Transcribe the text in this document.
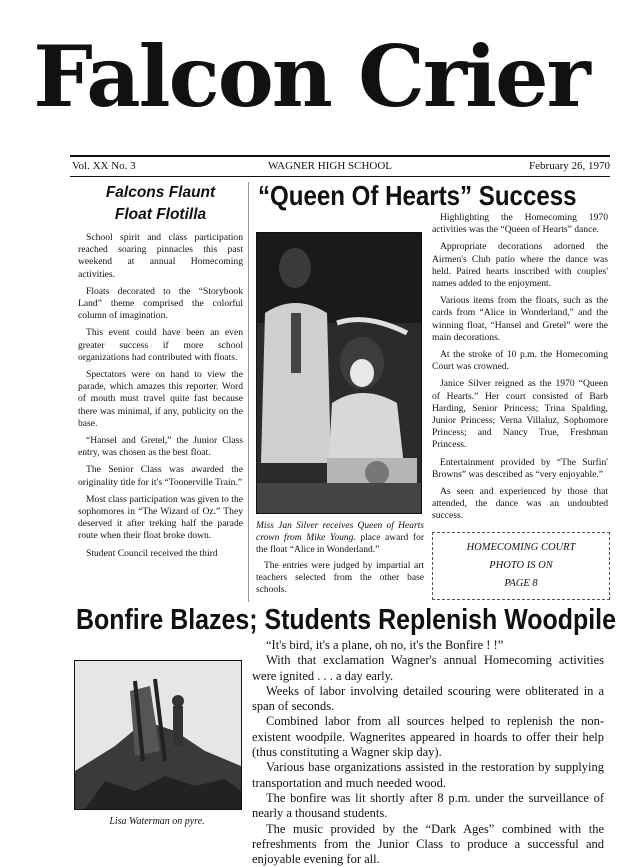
Falcon Crier
Vol. XX No. 3	WAGNER HIGH SCHOOL	February 26, 1970
Falcons Flaunt
Float Flotilla

School spirit and class participation reached soaring pinnacles this past weekend at annual Homecoming activities.

Floats decorated to the “Storybook Land” theme comprised the colorful column of imagination.

This event could have been an even greater success if more school organizations had contributed with floats.

Spectators were on hand to view the parade, which amazes this reporter. Word of mouth must travel quite fast because there was minimal, if any, publicity on the base.

“Hansel and Gretel,” the Junior Class entry, was chosen as the best float.

The Senior Class was awarded the originality title for it's “Toonerville Train.”

Most class participation was given to the sophomores in “The Wizard of Oz.” They deserved it after treking half the parade route when their float broke down.

Student Council received the third

“Queen Of Hearts” Success
Miss Jan Silver receives Queen of Hearts crown from Mike Young. place award for the float “Alice in Wonderland.”
The entries were judged by impartial art teachers selected from the other base schools.

Highlighting the Homecoming 1970 activities was the “Queen of Hearts” dance.

Appropriate decorations adorned the Airmen's Club patio where the dance was held. Paired hearts inscribed with couples' names added to the enjoyment.

Various items from the floats, such as the cards from “Alice in Wonderland,” and the winning float, “Hansel and Gretel” were the main decorations.

At the stroke of 10 p.m. the Homecoming Court was crowned.

Janice Silver reigned as the 1970 “Queen of Hearts.” Her court consisted of Barb Harding, Senior Princess; Trina Spalding, Junior Princess; Verna Villaluz, Sophomore Princess; and Nancy True, Freshman Princess.

Entertainment provided by “The Surfin' Browns” was described as “very enjoyable.”

As seen and experienced by those that attended, the dance was an undoubted success.

HOMECOMING COURT
PHOTO IS ON
PAGE 8
Bonfire Blazes; Students Replenish Woodpile
Lisa Waterman on pyre.

“It's bird, it's a plane, oh no, it's the Bonfire ! !”

With that exclamation Wagner's annual Homecoming activities were ignited . . . a day early.

Weeks of labor involving detailed scouring were obliterated in a span of seconds.

Combined labor from all sources helped to replenish the non-existent woodpile. Wagnerites appeared in hoards to offer their help (thus constituting a Wagner skip day).

Various base organizations assisted in the restoration by supplying transportation and much needed wood.

The bonfire was lit shortly after 8 p.m. under the surveillance of nearly a thousand students.

The music provided by the “Dark Ages” combined with the refreshments from the Junior Class to produce a successful and enjoyable evening for all.
